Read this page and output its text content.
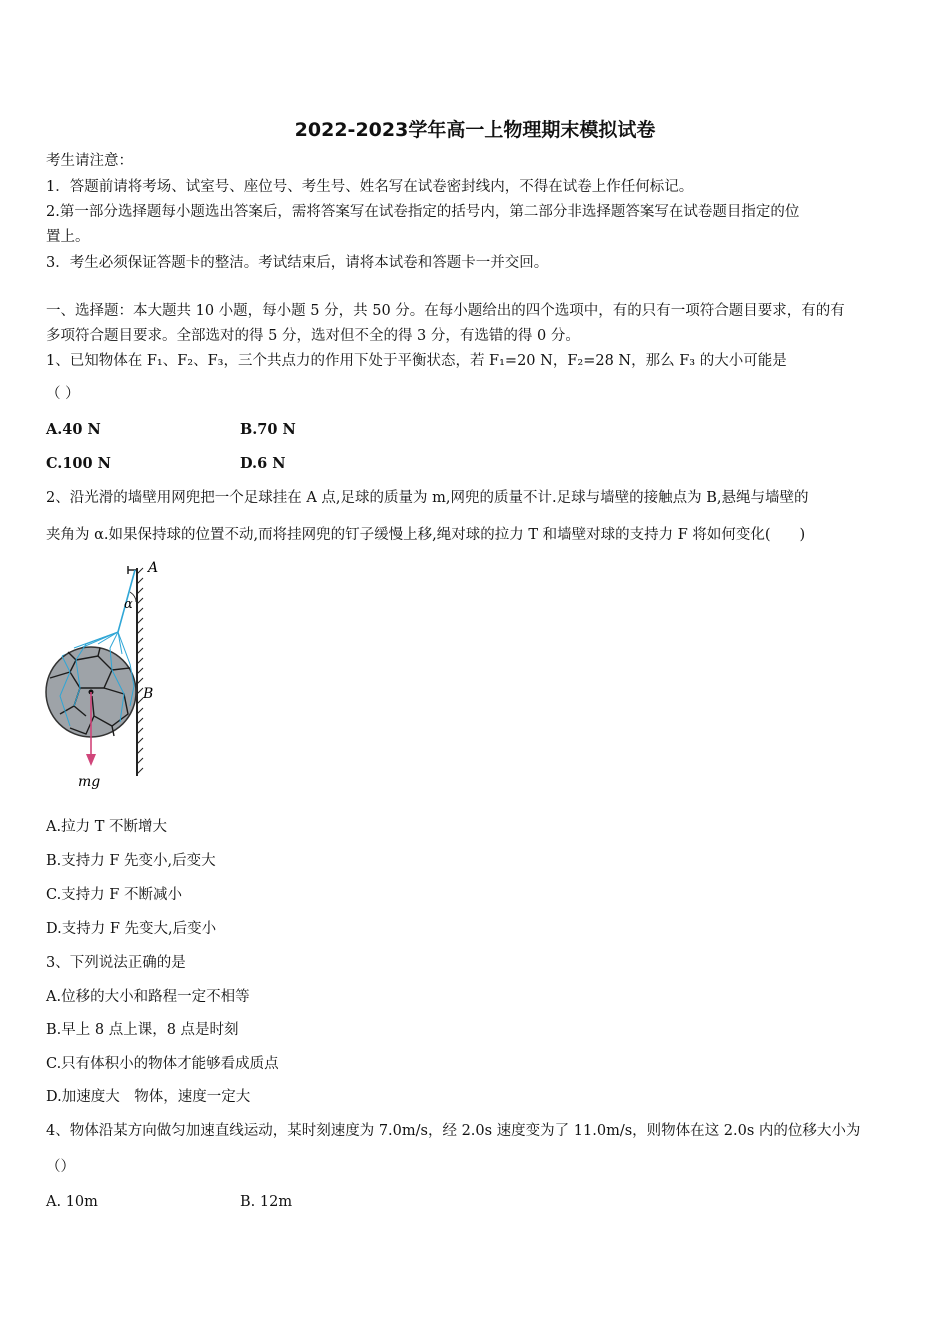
2022-2023学年高一上物理期末模拟试卷
考生请注意：
1．答题前请将考场、试室号、座位号、考生号、姓名写在试卷密封线内，不得在试卷上作任何标记。
2.第一部分选择题每小题选出答案后，需将答案写在试卷指定的括号内，第二部分非选择题答案写在试卷题目指定的位
置上。
3．考生必须保证答题卡的整洁。考试结束后，请将本试卷和答题卡一并交回。
一、选择题：本大题共 10 小题，每小题 5 分，共 50 分。在每小题给出的四个选项中，有的只有一项符合题目要求，有的有
多项符合题目要求。全部选对的得 5 分，选对但不全的得 3 分，有选错的得 0 分。
1、已知物体在 F₁、F₂、F₃，三个共点力的作用下处于平衡状态，若 F₁=20 N，F₂=28 N，那么 F₃ 的大小可能是
（ ）
A.40 N	B.70 N
C.100 N	D.6 N
2、沿光滑的墙壁用网兜把一个足球挂在 A 点,足球的质量为 m,网兜的质量不计.足球与墙壁的接触点为 B,悬绳与墙壁的
夹角为 α.如果保持球的位置不动,而将挂网兜的钉子缓慢上移,绳对球的拉力 T 和墙壁对球的支持力 F 将如何变化(　　)
A
α
B
mg
A.拉力 T 不断增大
B.支持力 F 先变小,后变大
C.支持力 F 不断减小
D.支持力 F 先变大,后变小
3、下列说法正确的是
A.位移的大小和路程一定不相等
B.早上 8 点上课，8 点是时刻
C.只有体积小的物体才能够看成质点
D.加速度大　物体，速度一定大
4、物体沿某方向做匀加速直线运动，某时刻速度为 7.0m/s，经 2.0s 速度变为了 11.0m/s，则物体在这 2.0s 内的位移大小为
（）
A. 10m	B. 12m
